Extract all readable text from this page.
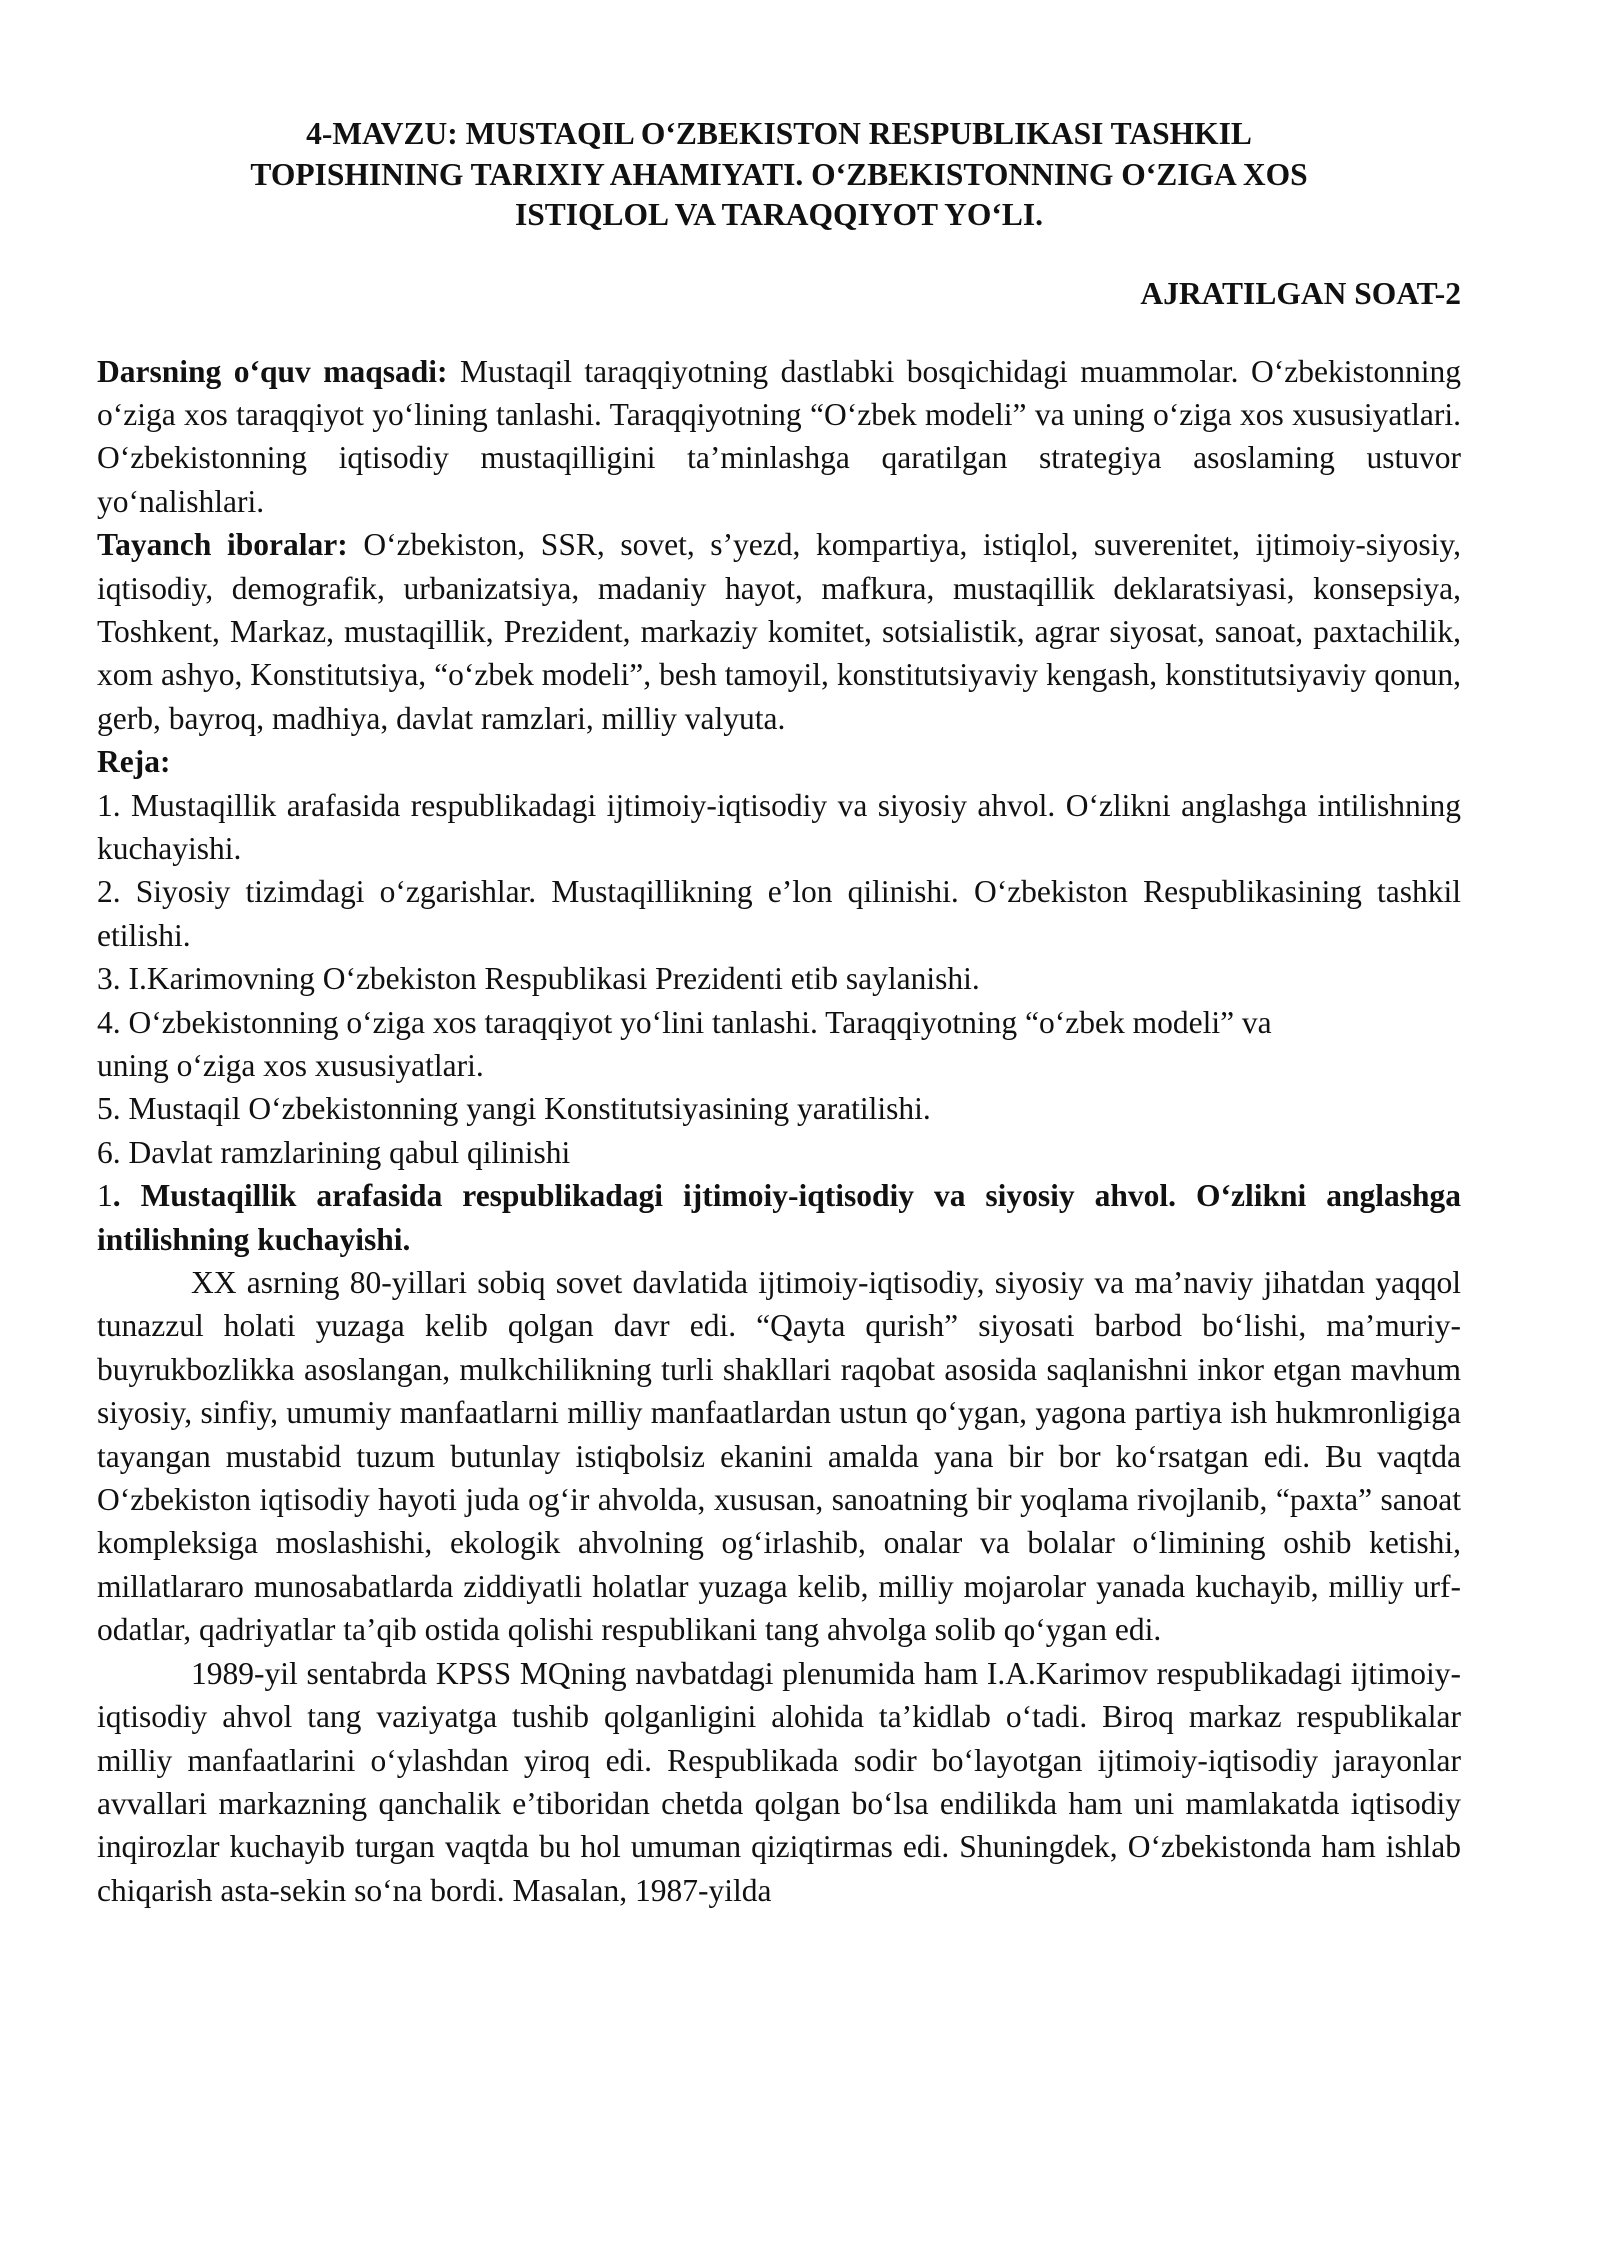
4-MAVZU: MUSTAQIL O‘ZBEKISTON RESPUBLIKASI TASHKIL
TOPISHINING TARIXIY AHAMIYATI. O‘ZBEKISTONNING O‘ZIGA XOS
ISTIQLOL VA TARAQQIYOT YO‘LI.
AJRATILGAN SOAT-2

Darsning o‘quv maqsadi: Mustaqil taraqqiyotning dastlabki bosqichidagi muammolar. O‘zbekistonning o‘ziga xos taraqqiyot yo‘lining tanlashi. Taraqqiyotning “O‘zbek modeli” va uning o‘ziga xos xususiyatlari. O‘zbekistonning iqtisodiy mustaqilligini ta’minlashga qaratilgan strategiya asoslaming ustuvor yo‘nalishlari.

Tayanch iboralar: O‘zbekiston, SSR, sovet, s’yezd, kompartiya, istiqlol, suverenitet, ijtimoiy-siyosiy, iqtisodiy, demografik, urbanizatsiya, madaniy hayot, mafkura, mustaqillik deklaratsiyasi, konsepsiya, Toshkent, Markaz, mustaqillik, Prezident, markaziy komitet, sotsialistik, agrar siyosat, sanoat, paxtachilik, xom ashyo, Konstitutsiya, “o‘zbek modeli”, besh tamoyil, konstitutsiyaviy kengash, konstitutsiyaviy qonun, gerb, bayroq, madhiya, davlat ramzlari, milliy valyuta.

Reja:

1. Mustaqillik arafasida respublikadagi ijtimoiy-iqtisodiy va siyosiy ahvol. O‘zlikni anglashga intilishning kuchayishi.

2. Siyosiy tizimdagi o‘zgarishlar. Mustaqillikning e’lon qilinishi. O‘zbekiston Respublikasining tashkil etilishi.

3. I.Karimovning O‘zbekiston Respublikasi Prezidenti etib saylanishi.

4. O‘zbekistonning o‘ziga xos taraqqiyot yo‘lini tanlashi. Taraqqiyotning “o‘zbek modeli” va uning o‘ziga xos xususiyatlari.

5. Mustaqil O‘zbekistonning yangi Konstitutsiyasining yaratilishi.

6. Davlat ramzlarining qabul qilinishi

1. Mustaqillik arafasida respublikadagi ijtimoiy-iqtisodiy va siyosiy ahvol. O‘zlikni anglashga intilishning kuchayishi.

XX asrning 80-yillari sobiq sovet davlatida ijtimoiy-iqtisodiy, siyosiy va ma’naviy jihatdan yaqqol tunazzul holati yuzaga kelib qolgan davr edi. “Qayta qurish” siyosati barbod bo‘lishi, ma’muriy-buyrukbozlikka asoslangan, mulkchilikning turli shakllari raqobat asosida saqlanishni inkor etgan mavhum siyosiy, sinfiy, umumiy manfaatlarni milliy manfaatlardan ustun qo‘ygan, yagona partiya ish hukmronligiga tayangan mustabid tuzum butunlay istiqbolsiz ekanini amalda yana bir bor ko‘rsatgan edi. Bu vaqtda O‘zbekiston iqtisodiy hayoti juda og‘ir ahvolda, xususan, sanoatning bir yoqlama rivojlanib, “paxta” sanoat kompleksiga moslashishi, ekologik ahvolning og‘irlashib, onalar va bolalar o‘limining oshib ketishi, millatlararo munosabatlarda ziddiyatli holatlar yuzaga kelib, milliy mojarolar yanada kuchayib, milliy urf-odatlar, qadriyatlar ta’qib ostida qolishi respublikani tang ahvolga solib qo‘ygan edi.

1989-yil sentabrda KPSS MQning navbatdagi plenumida ham I.A.Karimov respublikadagi ijtimoiy-iqtisodiy ahvol tang vaziyatga tushib qolganligini alohida ta’kidlab o‘tadi. Biroq markaz respublikalar milliy manfaatlarini o‘ylashdan yiroq edi. Respublikada sodir bo‘layotgan ijtimoiy-iqtisodiy jarayonlar avvallari markazning qanchalik e’tiboridan chetda qolgan bo‘lsa endilikda ham uni mamlakatda iqtisodiy inqirozlar kuchayib turgan vaqtda bu hol umuman qiziqtirmas edi. Shuningdek, O‘zbekistonda ham ishlab chiqarish asta-sekin so‘na bordi. Masalan, 1987-yilda
